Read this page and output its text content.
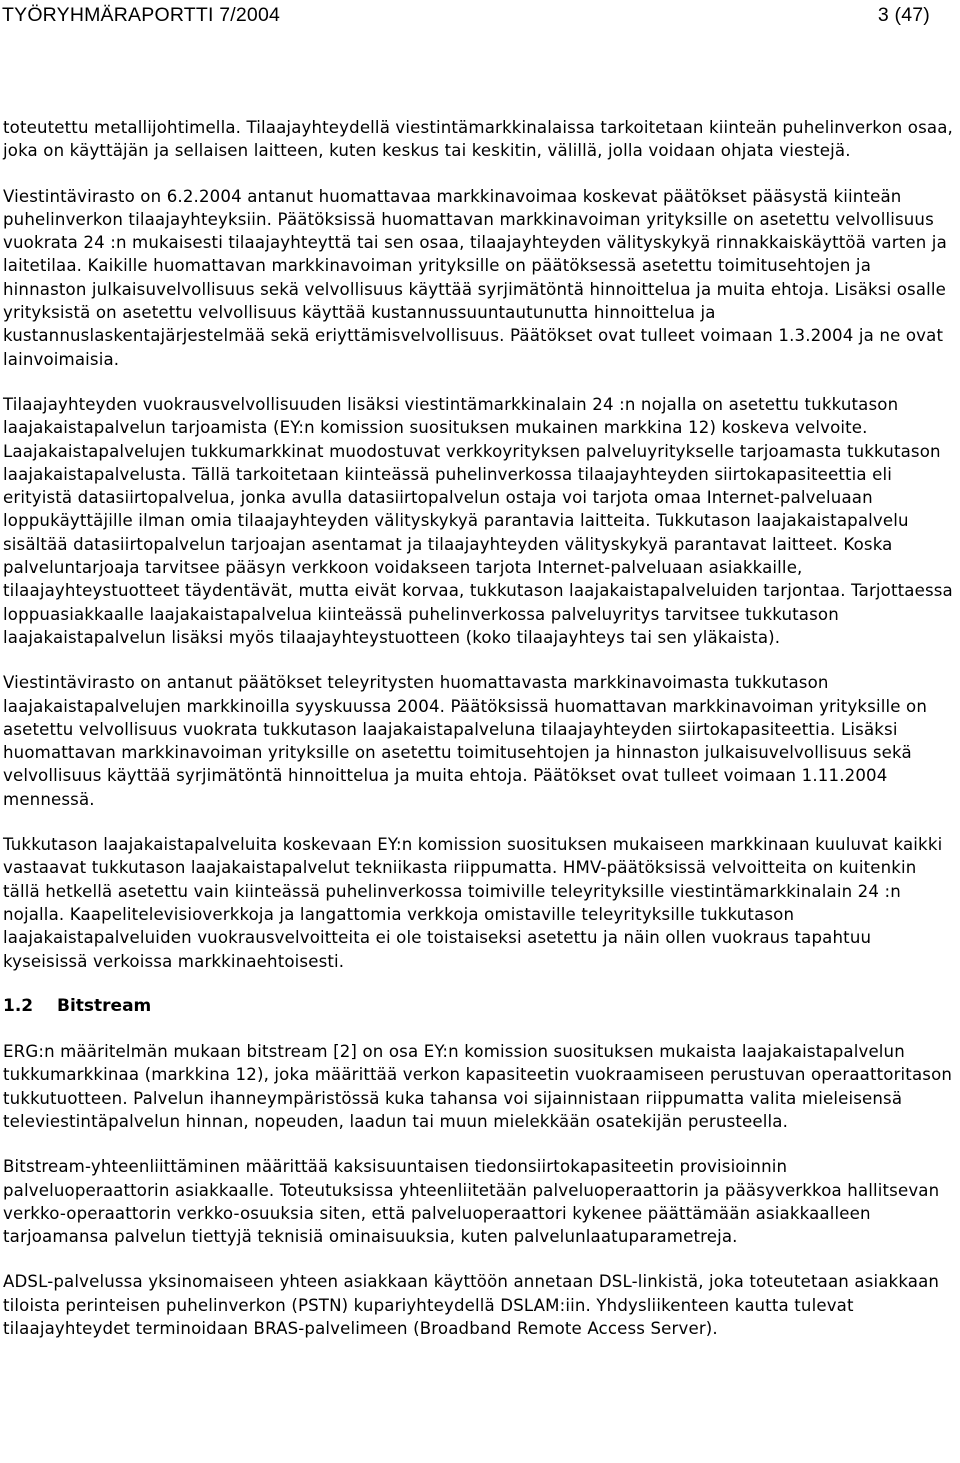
TYÖRYHMÄRAPORTTI 7/2004	3 (47)

toteutettu metallijohtimella. Tilaajayhteydellä viestintämarkkinalaissa tarkoitetaan kiinteän puhelinverkon osaa, joka on käyttäjän ja sellaisen laitteen, kuten keskus tai keskitin, välillä, jolla voidaan ohjata viestejä.

Viestintävirasto on 6.2.2004 antanut huomattavaa markkinavoimaa koskevat päätökset pääsystä kiinteän puhelinverkon tilaajayhteyksiin. Päätöksissä huomattavan markkinavoiman yrityksille on asetettu velvollisuus vuokrata 24 :n mukaisesti tilaajayhteyttä tai sen osaa, tilaajayhteyden välityskykyä rinnakkaiskäyttöä varten ja laitetilaa. Kaikille huomattavan markkinavoiman yrityksille on päätöksessä asetettu toimitusehtojen ja hinnaston julkaisuvelvollisuus sekä velvollisuus käyttää syrjimätöntä hinnoittelua ja muita ehtoja. Lisäksi osalle yrityksistä on asetettu velvollisuus käyttää kustannussuuntautunutta hinnoittelua ja kustannuslaskentajärjestelmää sekä eriyttämisvelvollisuus. Päätökset ovat tulleet voimaan 1.3.2004 ja ne ovat lainvoimaisia.

Tilaajayhteyden vuokrausvelvollisuuden lisäksi viestintämarkkinalain 24 :n nojalla on asetettu tukkutason laajakaistapalvelun tarjoamista (EY:n komission suosituksen mukainen markkina 12) koskeva velvoite. Laajakaistapalvelujen tukkumarkkinat muodostuvat verkkoyrityksen palveluyritykselle tarjoamasta tukkutason laajakaistapalvelusta. Tällä tarkoitetaan kiinteässä puhelinverkossa tilaajayhteyden siirtokapasiteettia eli erityistä datasiirtopalvelua, jonka avulla datasiirtopalvelun ostaja voi tarjota omaa Internet-palveluaan loppukäyttäjille ilman omia tilaajayhteyden välityskykyä parantavia laitteita. Tukkutason laajakaistapalvelu sisältää datasiirtopalvelun tarjoajan asentamat ja tilaajayhteyden välityskykyä parantavat laitteet. Koska palveluntarjoaja tarvitsee pääsyn verkkoon voidakseen tarjota Internet-palveluaan asiakkaille, tilaajayhteystuotteet täydentävät, mutta eivät korvaa, tukkutason laajakaistapalveluiden tarjontaa. Tarjottaessa loppuasiakkaalle laajakaistapalvelua kiinteässä puhelinverkossa palveluyritys tarvitsee tukkutason laajakaistapalvelun lisäksi myös tilaajayhteystuotteen (koko tilaajayhteys tai sen yläkaista).

Viestintävirasto on antanut päätökset teleyritysten huomattavasta markkinavoimasta tukkutason laajakaistapalvelujen markkinoilla syyskuussa 2004. Päätöksissä huomattavan markkinavoiman yrityksille on asetettu velvollisuus vuokrata tukkutason laajakaistapalveluna tilaajayhteyden siirtokapasiteettia. Lisäksi huomattavan markkinavoiman yrityksille on asetettu toimitusehtojen ja hinnaston julkaisuvelvollisuus sekä velvollisuus käyttää syrjimätöntä hinnoittelua ja muita ehtoja. Päätökset ovat tulleet voimaan 1.11.2004 mennessä.

Tukkutason laajakaistapalveluita koskevaan EY:n komission suosituksen mukaiseen markkinaan kuuluvat kaikki vastaavat tukkutason laajakaistapalvelut tekniikasta riippumatta. HMV-päätöksissä velvoitteita on kuitenkin tällä hetkellä asetettu vain kiinteässä puhelinverkossa toimiville teleyrityksille viestintämarkkinalain 24 :n nojalla. Kaapelitelevisioverkkoja ja langattomia verkkoja omistaville teleyrityksille tukkutason laajakaistapalveluiden vuokrausvelvoitteita ei ole toistaiseksi asetettu ja näin ollen vuokraus tapahtuu kyseisissä verkoissa markkinaehtoisesti.

1.2	Bitstream

ERG:n määritelmän mukaan bitstream [2] on osa EY:n komission suosituksen mukaista laajakaistapalvelun tukkumarkkinaa (markkina 12), joka määrittää verkon kapasiteetin vuokraamiseen perustuvan operaattoritason tukkutuotteen. Palvelun ihanneympäristössä kuka tahansa voi sijainnistaan riippumatta valita mieleisensä televiestintäpalvelun hinnan, nopeuden, laadun tai muun mielekkään osatekijän perusteella.

Bitstream-yhteenliittäminen määrittää kaksisuuntaisen tiedonsiirtokapasiteetin provisioinnin palveluoperaattorin asiakkaalle. Toteutuksissa yhteenliitetään palveluoperaattorin ja pääsyverkkoa hallitsevan verkko-operaattorin verkko-osuuksia siten, että palveluoperaattori kykenee päättämään asiakkaalleen tarjoamansa palvelun tiettyjä teknisiä ominaisuuksia, kuten palvelunlaatuparametreja.

ADSL-palvelussa yksinomaiseen yhteen asiakkaan käyttöön annetaan DSL-linkistä, joka toteutetaan asiakkaan tiloista perinteisen puhelinverkon (PSTN) kupariyhteydellä DSLAM:iin. Yhdysliikenteen kautta tulevat tilaajayhteydet terminoidaan BRAS-palvelimeen (Broadband Remote Access Server).
